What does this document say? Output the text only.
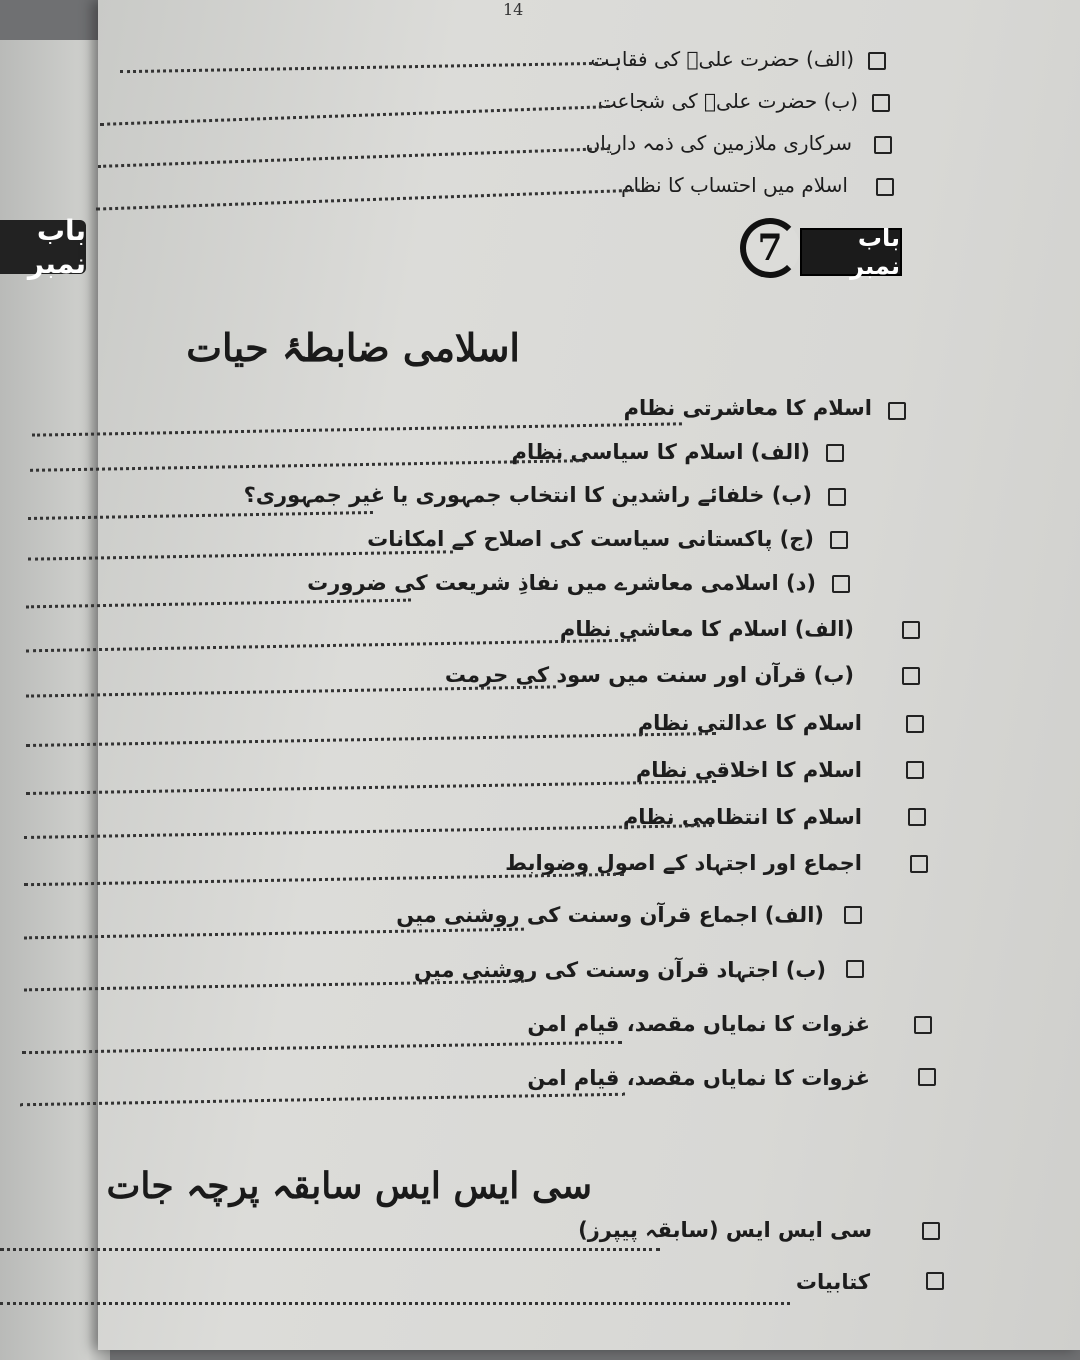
باب نمبر
14
(الف) حضرت علیؓ کی فقاہت
(ب) حضرت علیؓ کی شجاعت
سرکاری ملازمین کی ذمہ داریاں
اسلام میں احتساب کا نظام
باب نمبر
7
اسلامی ضابطۂ حیات
اسلام کا معاشرتی نظام
(الف) اسلام کا سیاسی نظام
(ب) خلفائے راشدین کا انتخاب جمہوری یا غیر جمہوری؟
(ج) پاکستانی سیاست کی اصلاح کے امکانات
(د) اسلامی معاشرے میں نفاذِ شریعت کی ضرورت
(الف) اسلام کا معاشی نظام
(ب) قرآن اور سنت میں سود کی حرمت
اسلام کا عدالتی نظام
اسلام کا اخلاقی نظام
اسلام کا انتظامی نظام
اجماع اور اجتہاد کے اصول وضوابط
(الف) اجماع قرآن وسنت کی روشنی میں
(ب) اجتہاد قرآن وسنت کی روشنی میں
غزوات کا نمایاں مقصد، قیام امن
غزوات کا نمایاں مقصد، قیام امن
سی ایس ایس سابقہ پرچہ جات
سی ایس ایس (سابقہ پیپرز)
کتابیات
